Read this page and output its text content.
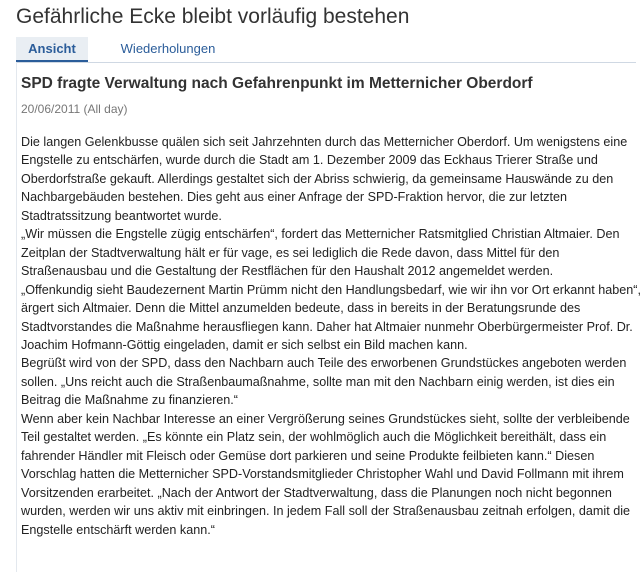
Gefährliche Ecke bleibt vorläufig bestehen
Ansicht	Wiederholungen
SPD fragte Verwaltung nach Gefahrenpunkt im Metternicher Oberdorf
20/06/2011 (All day)

Die langen Gelenkbusse quälen sich seit Jahrzehnten durch das Metternicher Oberdorf. Um wenigstens eine Engstelle zu entschärfen, wurde durch die Stadt am 1. Dezember 2009 das Eckhaus Trierer Straße und Oberdorfstraße gekauft. Allerdings gestaltet sich der Abriss schwierig, da gemeinsame Hauswände zu den Nachbargebäuden bestehen. Dies geht aus einer Anfrage der SPD-Fraktion hervor, die zur letzten Stadtratssitzung beantwortet wurde.

„Wir müssen die Engstelle zügig entschärfen“, fordert das Metternicher Ratsmitglied Christian Altmaier. Den Zeitplan der Stadtverwaltung hält er für vage, es sei lediglich die Rede davon, dass Mittel für den Straßenausbau und die Gestaltung der Restflächen für den Haushalt 2012 angemeldet werden.

„Offenkundig sieht Baudezernent Martin Prümm nicht den Handlungsbedarf, wie wir ihn vor Ort erkannt haben“, ärgert sich Altmaier. Denn die Mittel anzumelden bedeute, dass in bereits in der Beratungsrunde des Stadtvorstandes die Maßnahme herausfliegen kann. Daher hat Altmaier nunmehr Oberbürgermeister Prof. Dr. Joachim Hofmann-Göttig eingeladen, damit er sich selbst ein Bild machen kann.

Begrüßt wird von der SPD, dass den Nachbarn auch Teile des erworbenen Grundstückes angeboten werden sollen. „Uns reicht auch die Straßenbaumaßnahme, sollte man mit den Nachbarn einig werden, ist dies ein Beitrag die Maßnahme zu finanzieren.“

Wenn aber kein Nachbar Interesse an einer Vergrößerung seines Grundstückes sieht, sollte der verbleibende Teil gestaltet werden. „Es könnte ein Platz sein, der wohlmöglich auch die Möglichkeit bereithält, dass ein fahrender Händler mit Fleisch oder Gemüse dort parkieren und seine Produkte feilbieten kann.“ Diesen Vorschlag hatten die Metternicher SPD-Vorstandsmitglieder Christopher Wahl und David Follmann mit ihrem Vorsitzenden erarbeitet. „Nach der Antwort der Stadtverwaltung, dass die Planungen noch nicht begonnen wurden, werden wir uns aktiv mit einbringen. In jedem Fall soll der Straßenausbau zeitnah erfolgen, damit die Engstelle entschärft werden kann.“
